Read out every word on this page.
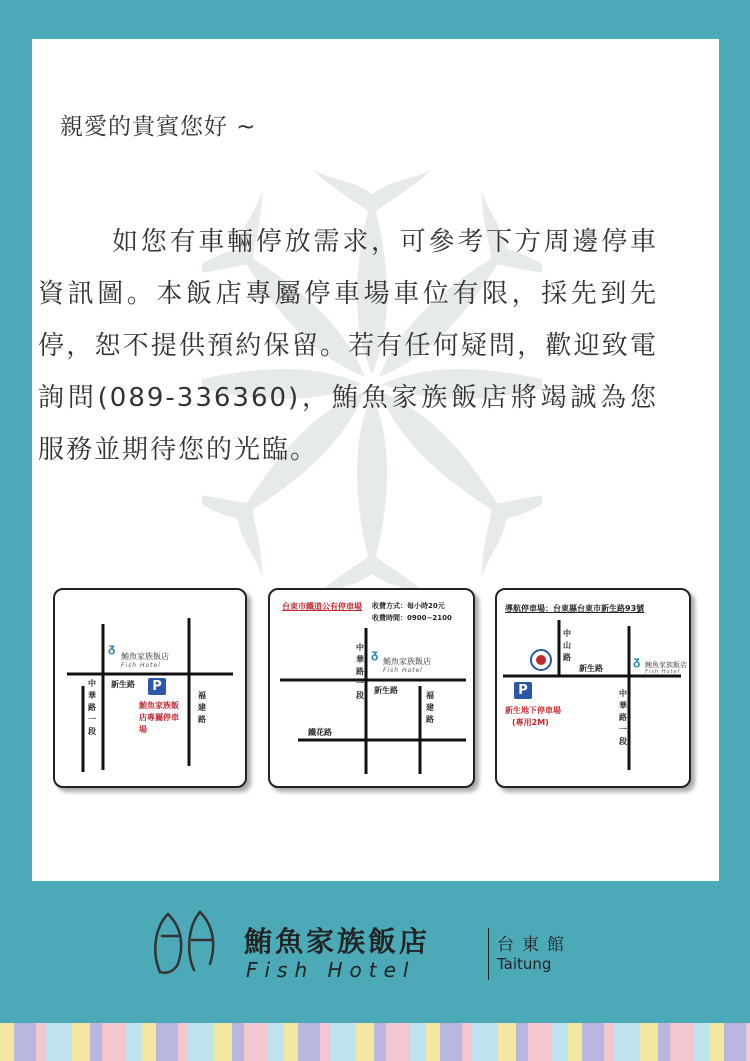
親愛的貴賓您好 ~
如您有車輛停放需求，可參考下方周邊停車資訊圖。本飯店專屬停車場車位有限，採先到先停，恕不提供預約保留。若有任何疑問，歡迎致電詢問(089-336360)，鮪魚家族飯店將竭誠為您服務並期待您的光臨。
ᵹ
鮪魚家族飯店
Fish Hotel
新生路	P
鮪魚家族飯店專屬停車場
中華路一段
福建路
台東市鐵道公有停車場 收費方式：每小時20元
收費時間：0900~2100
ᵹ
鮪魚家族飯店
Fish Hotel
中華路一段
新生路
福建路
鐵花路
導航停車場：台東縣台東市新生路93號
中山路
新生路
ᵹ 鮪魚家族飯店
Fish Hotel
P
新生地下停車場
(專用2M)
中華路一段
鮪魚家族飯店
Fish Hotel
台東館
Taitung
